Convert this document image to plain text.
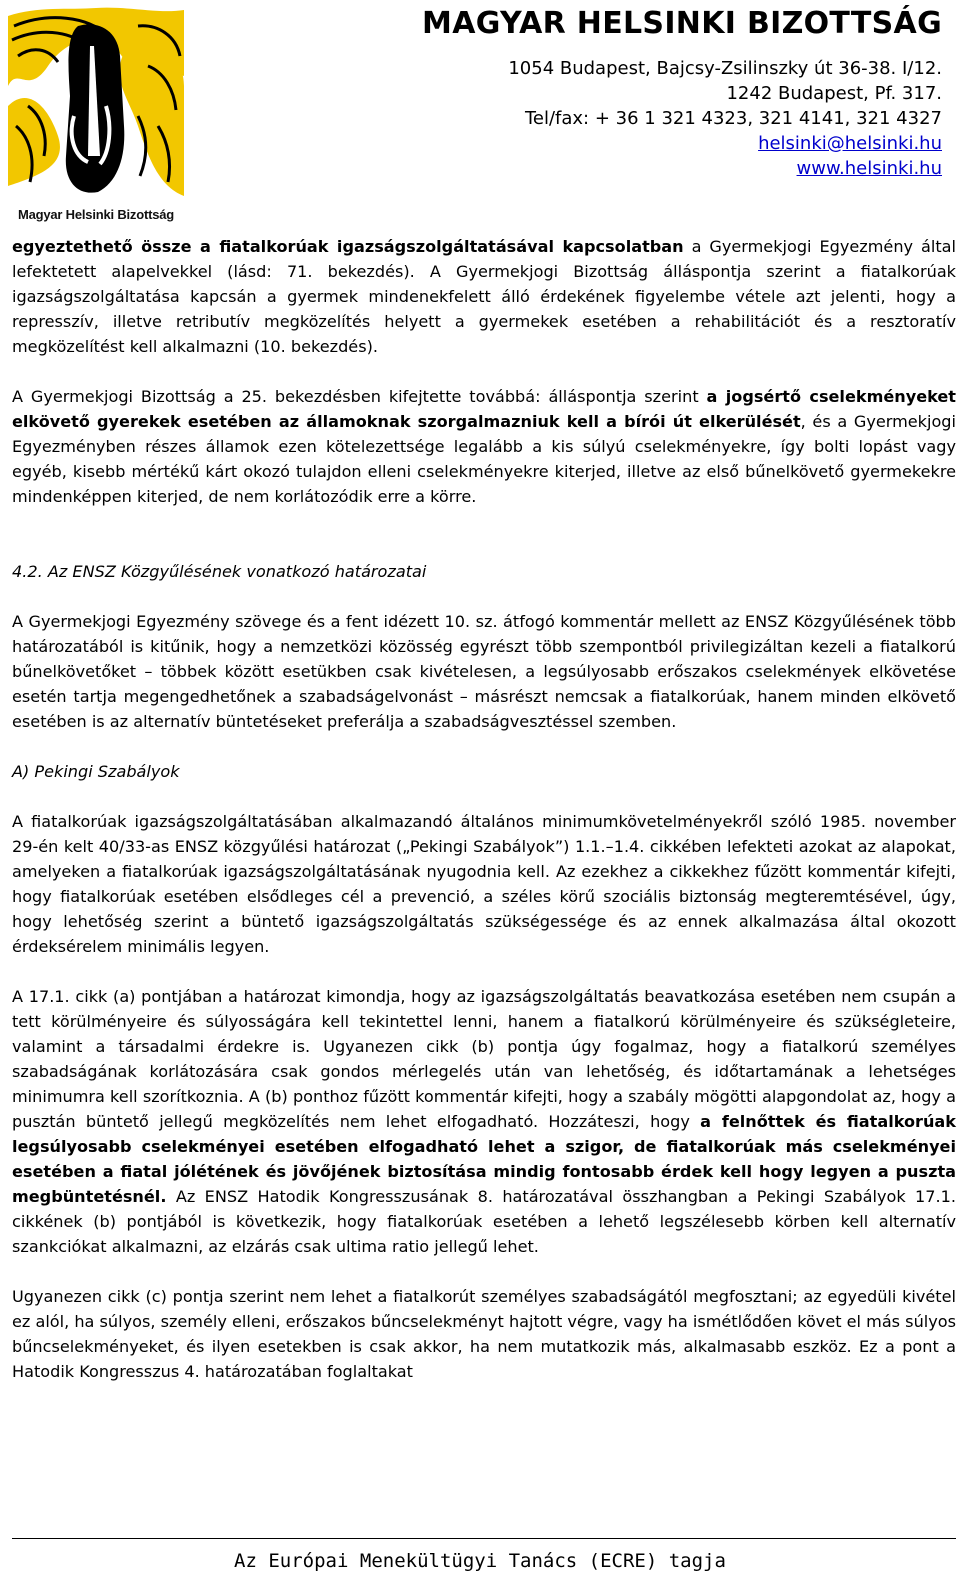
Magyar Helsinki Bizottság
MAGYAR HELSINKI BIZOTTSÁG
1054 Budapest, Bajcsy-Zsilinszky út 36-38. I/12.
1242 Budapest, Pf. 317.
Tel/fax: + 36 1 321 4323, 321 4141, 321 4327
helsinki@helsinki.hu
www.helsinki.hu

egyeztethető össze a fiatalkorúak igazságszolgáltatásával kapcsolatban a Gyermekjogi Egyezmény által lefektetett alapelvekkel (lásd: 71. bekezdés). A Gyermekjogi Bizottság álláspontja szerint a fiatalkorúak igazságszolgáltatása kapcsán a gyermek mindenekfelett álló érdekének figyelembe vétele azt jelenti, hogy a represszív, illetve retributív megközelítés helyett a gyermekek esetében a rehabilitációt és a resztoratív megközelítést kell alkalmazni (10. bekezdés).

A Gyermekjogi Bizottság a 25. bekezdésben kifejtette továbbá: álláspontja szerint a jogsértő cselekményeket elkövető gyerekek esetében az államoknak szorgalmazniuk kell a bírói út elkerülését, és a Gyermekjogi Egyezményben részes államok ezen kötelezettsége legalább a kis súlyú cselekményekre, így bolti lopást vagy egyéb, kisebb mértékű kárt okozó tulajdon elleni cselekményekre kiterjed, illetve az első bűnelkövető gyermekekre mindenképpen kiterjed, de nem korlátozódik erre a körre.

4.2. Az ENSZ Közgyűlésének vonatkozó határozatai

A Gyermekjogi Egyezmény szövege és a fent idézett 10. sz. átfogó kommentár mellett az ENSZ Közgyűlésének több határozatából is kitűnik, hogy a nemzetközi közösség egyrészt több szempontból privilegizáltan kezeli a fiatalkorú bűnelkövetőket – többek között esetükben csak kivételesen, a legsúlyosabb erőszakos cselekmények elkövetése esetén tartja megengedhetőnek a szabadságelvonást – másrészt nemcsak a fiatalkorúak, hanem minden elkövető esetében is az alternatív büntetéseket preferálja a szabadságvesztéssel szemben.

A) Pekingi Szabályok

A fiatalkorúak igazságszolgáltatásában alkalmazandó általános minimumkövetelményekről szóló 1985. november 29-én kelt 40/33-as ENSZ közgyűlési határozat („Pekingi Szabályok”) 1.1.–1.4. cikkében lefekteti azokat az alapokat, amelyeken a fiatalkorúak igazságszolgáltatásának nyugodnia kell. Az ezekhez a cikkekhez fűzött kommentár kifejti, hogy fiatalkorúak esetében elsődleges cél a prevenció, a széles körű szociális biztonság megteremtésével, úgy, hogy lehetőség szerint a büntető igazságszolgáltatás szükségessége és az ennek alkalmazása által okozott érdeksérelem minimális legyen.

A 17.1. cikk (a) pontjában a határozat kimondja, hogy az igazságszolgáltatás beavatkozása esetében nem csupán a tett körülményeire és súlyosságára kell tekintettel lenni, hanem a fiatalkorú körülményeire és szükségleteire, valamint a társadalmi érdekre is. Ugyanezen cikk (b) pontja úgy fogalmaz, hogy a fiatalkorú személyes szabadságának korlátozására csak gondos mérlegelés után van lehetőség, és időtartamának a lehetséges minimumra kell szorítkoznia. A (b) ponthoz fűzött kommentár kifejti, hogy a szabály mögötti alapgondolat az, hogy a pusztán büntető jellegű megközelítés nem lehet elfogadható. Hozzáteszi, hogy a felnőttek és fiatalkorúak legsúlyosabb cselekményei esetében elfogadható lehet a szigor, de fiatalkorúak más cselekményei esetében a fiatal jólétének és jövőjének biztosítása mindig fontosabb érdek kell hogy legyen a puszta megbüntetésnél. Az ENSZ Hatodik Kongresszusának 8. határozatával összhangban a Pekingi Szabályok 17.1. cikkének (b) pontjából is következik, hogy fiatalkorúak esetében a lehető legszélesebb körben kell alternatív szankciókat alkalmazni, az elzárás csak ultima ratio jellegű lehet.

Ugyanezen cikk (c) pontja szerint nem lehet a fiatalkorút személyes szabadságától megfosztani; az egyedüli kivétel ez alól, ha súlyos, személy elleni, erőszakos bűncselekményt hajtott végre, vagy ha ismétlődően követ el más súlyos bűncselekményeket, és ilyen esetekben is csak akkor, ha nem mutatkozik más, alkalmasabb eszköz. Ez a pont a Hatodik Kongresszus 4. határozatában foglaltakat

Az Európai Menekültügyi Tanács (ECRE) tagja
